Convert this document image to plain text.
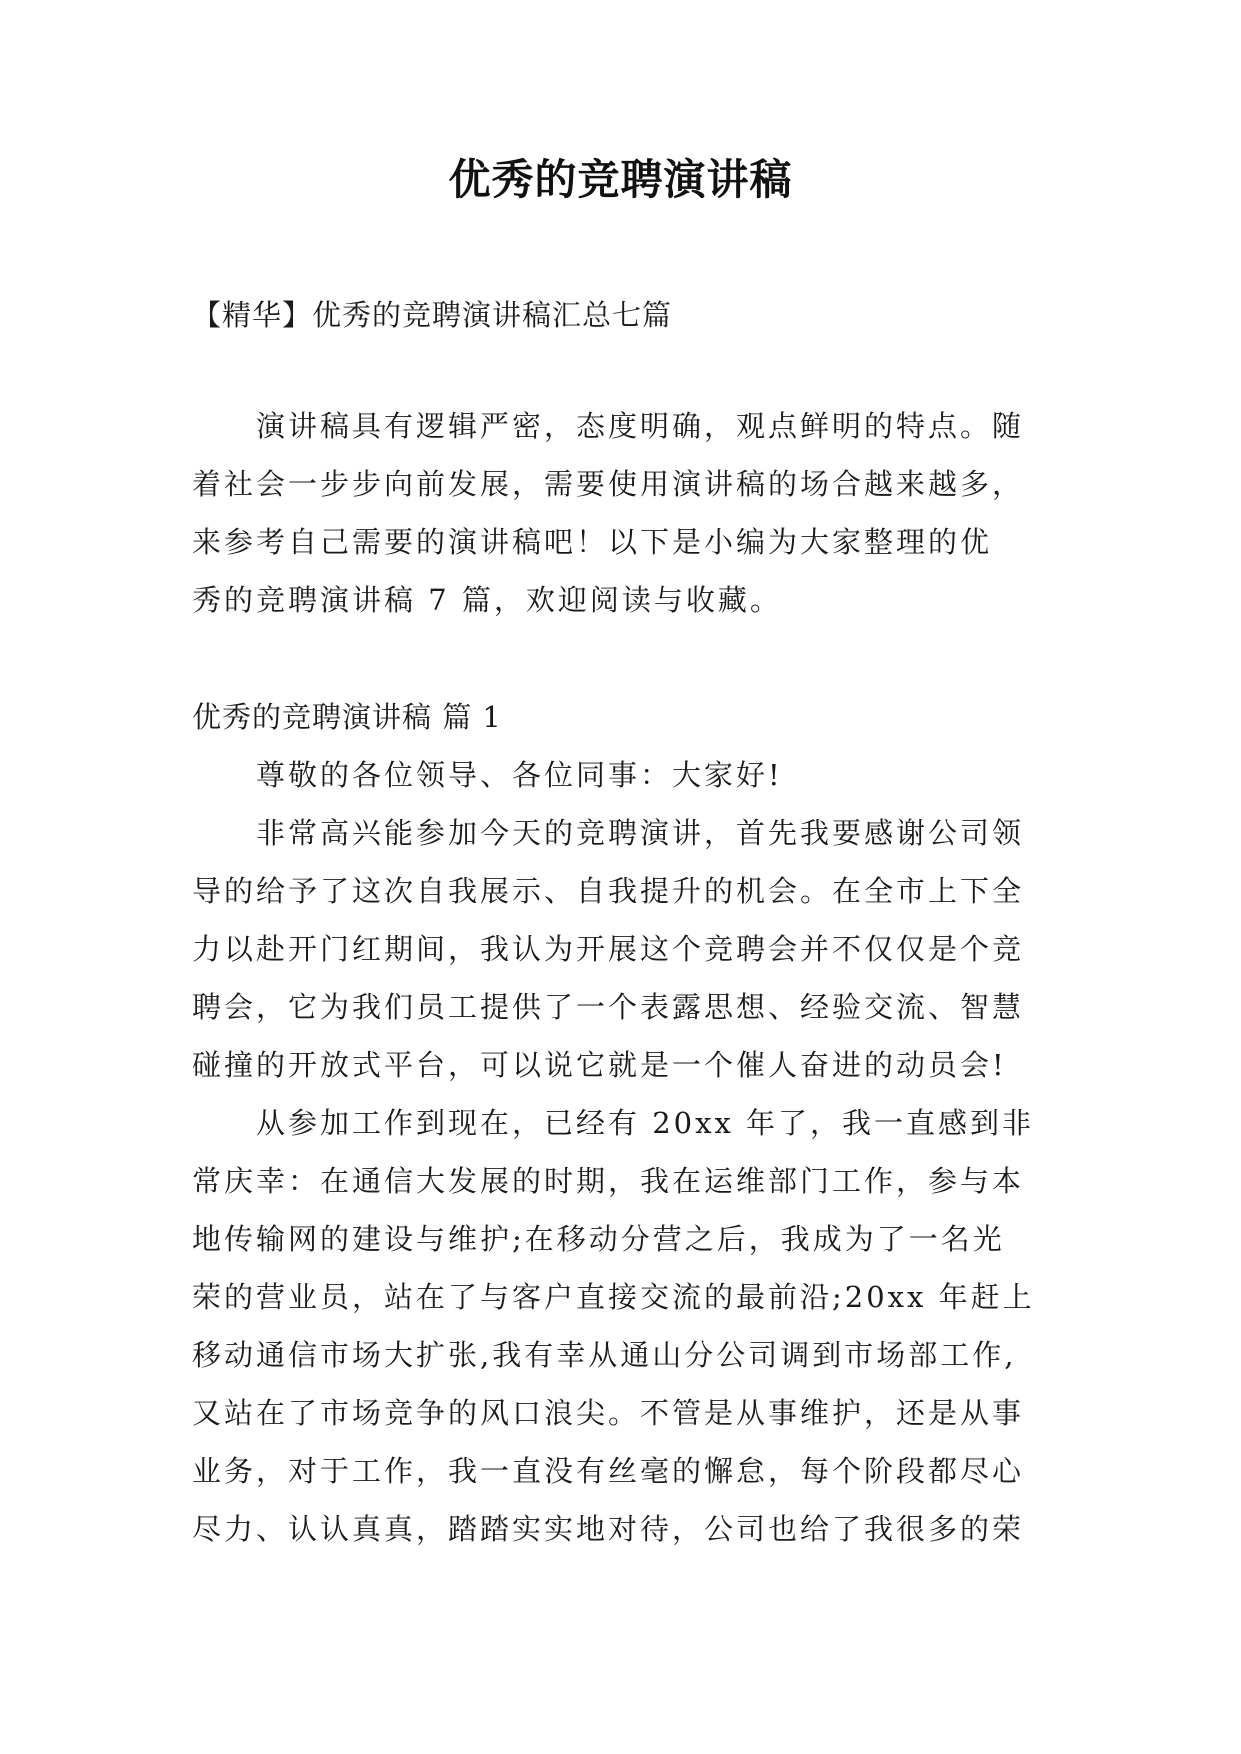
优秀的竞聘演讲稿
【精华】优秀的竞聘演讲稿汇总七篇
演讲稿具有逻辑严密，态度明确，观点鲜明的特点。随
着社会一步步向前发展，需要使用演讲稿的场合越来越多，
来参考自己需要的演讲稿吧！以下是小编为大家整理的优
秀的竞聘演讲稿 7 篇，欢迎阅读与收藏。
优秀的竞聘演讲稿 篇 1
尊敬的各位领导、各位同事：大家好!
非常高兴能参加今天的竞聘演讲，首先我要感谢公司领
导的给予了这次自我展示、自我提升的机会。在全市上下全
力以赴开门红期间，我认为开展这个竞聘会并不仅仅是个竞
聘会，它为我们员工提供了一个表露思想、经验交流、智慧
碰撞的开放式平台，可以说它就是一个催人奋进的动员会!
从参加工作到现在，已经有 20xx 年了，我一直感到非
常庆幸：在通信大发展的时期，我在运维部门工作，参与本
地传输网的建设与维护;在移动分营之后，我成为了一名光
荣的营业员，站在了与客户直接交流的最前沿;20xx 年赶上
移动通信市场大扩张,我有幸从通山分公司调到市场部工作,
又站在了市场竞争的风口浪尖。不管是从事维护，还是从事
业务，对于工作，我一直没有丝毫的懈怠，每个阶段都尽心
尽力、认认真真，踏踏实实地对待，公司也给了我很多的荣
